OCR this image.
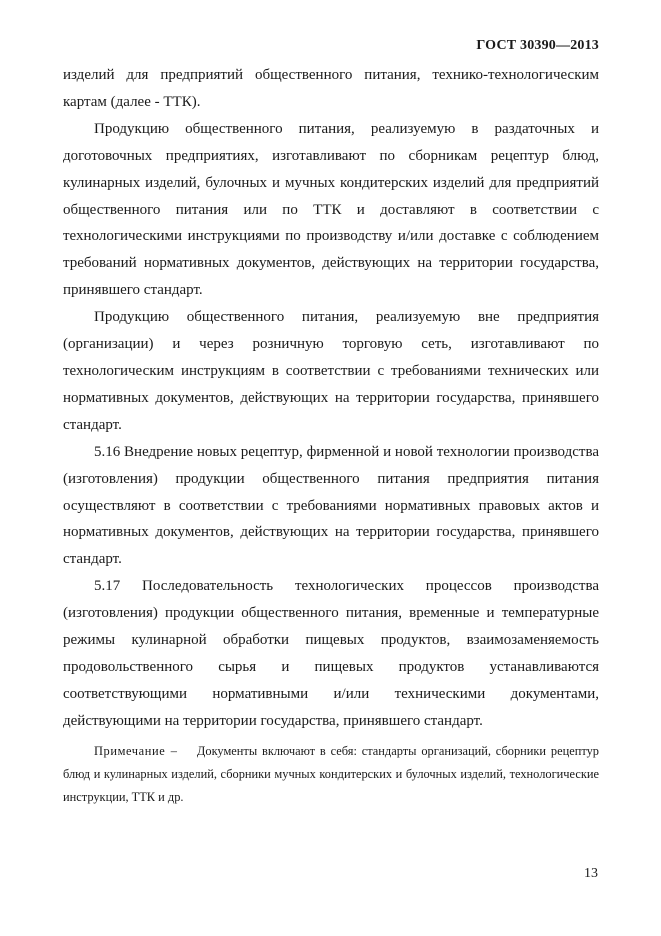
ГОСТ 30390—2013

изделий для предприятий общественного питания, технико-технологическим картам (далее - ТТК).

Продукцию общественного питания, реализуемую в раздаточных и доготовочных предприятиях, изготавливают по сборникам рецептур блюд, кулинарных изделий, булочных и мучных кондитерских изделий для предприятий общественного питания или по ТТК и доставляют в соответствии с технологическими инструкциями по производству и/или доставке с соблюдением требований нормативных документов, действующих на территории государства, принявшего стандарт.

Продукцию общественного питания, реализуемую вне предприятия (организации) и через розничную торговую сеть, изготавливают по технологическим инструкциям в соответствии с требованиями технических или нормативных документов, действующих на территории государства, принявшего стандарт.

5.16 Внедрение новых рецептур, фирменной и новой технологии производства (изготовления) продукции общественного питания предприятия питания осуществляют в соответствии с требованиями нормативных правовых актов и нормативных документов, действующих на территории государства, принявшего стандарт.

5.17 Последовательность технологических процессов производства (изготовления) продукции общественного питания, временные и температурные режимы кулинарной обработки пищевых продуктов, взаимозаменяемость продовольственного сырья и пищевых продуктов устанавливаются соответствующими нормативными и/или техническими документами, действующими на территории государства, принявшего стандарт.

Примечание – Документы включают в себя: стандарты организаций, сборники рецептур блюд и кулинарных изделий, сборники мучных кондитерских и булочных изделий, технологические инструкции, ТТК и др.
13
